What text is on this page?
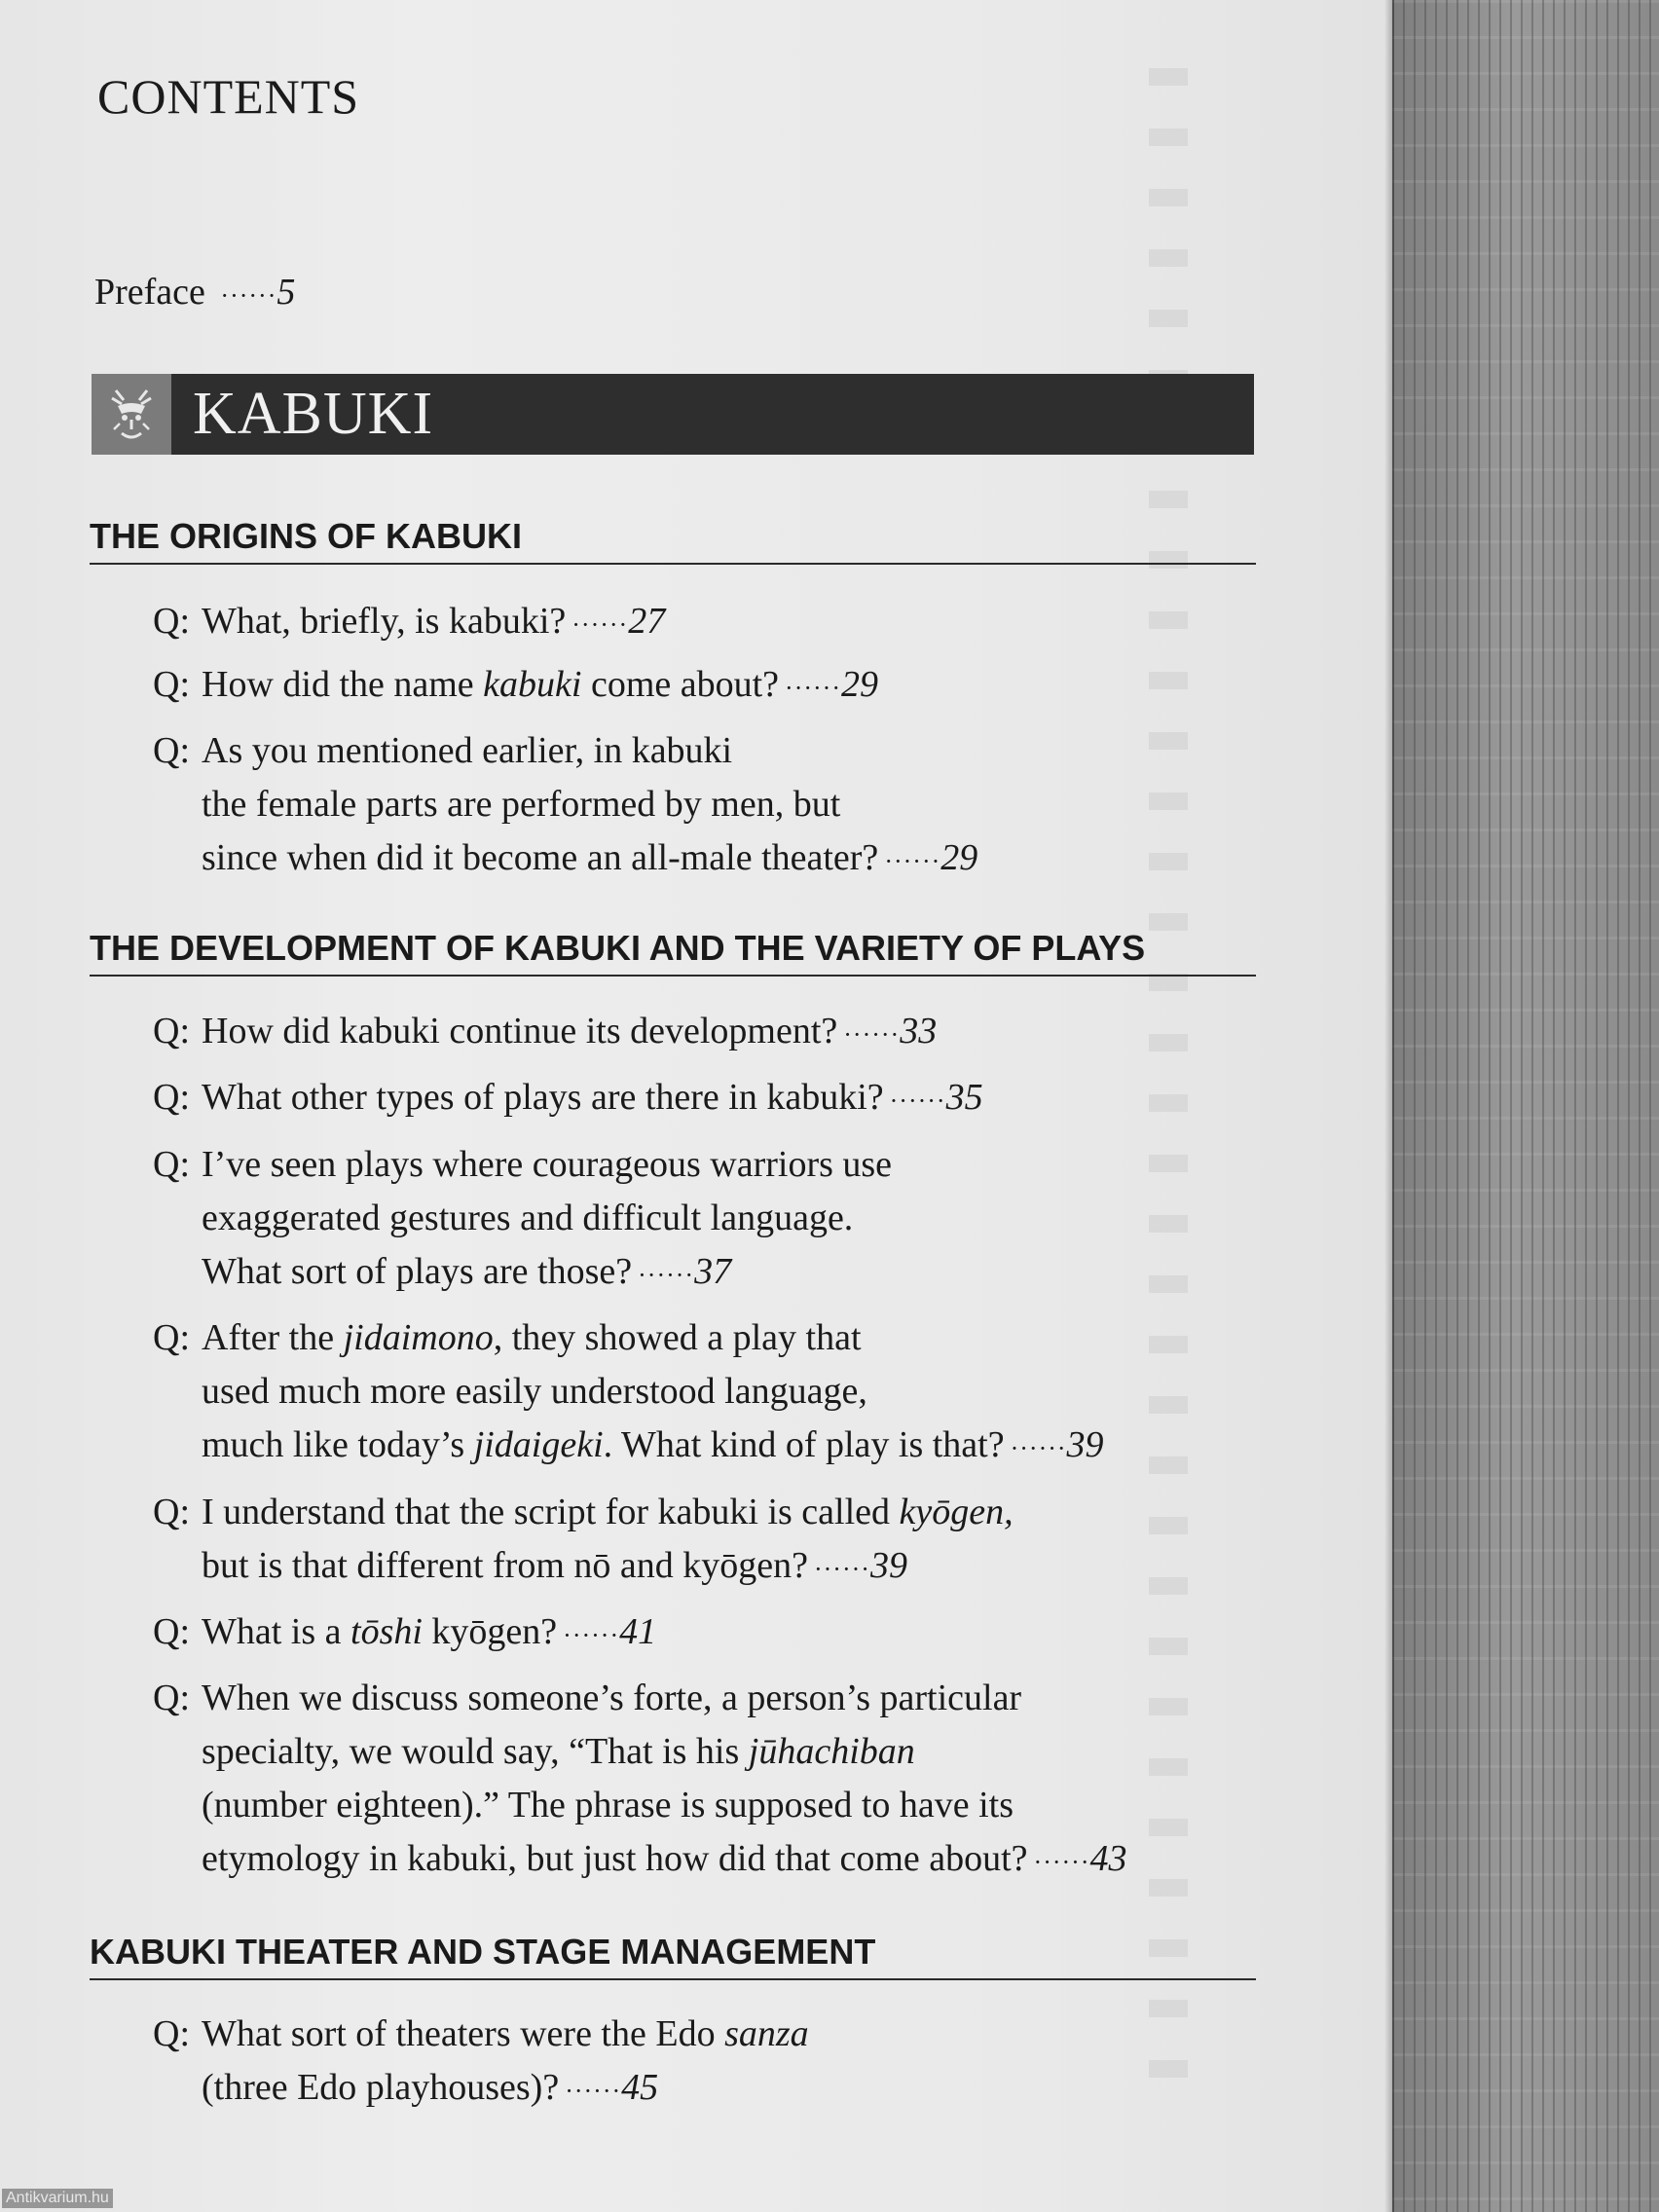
CONTENTS
Preface ······5
KABUKI
THE ORIGINS OF KABUKI
Q: What, briefly, is kabuki? ······27
Q: How did the name kabuki come about? ······29
Q: As you mentioned earlier, in kabuki
the female parts are performed by men, but
since when did it become an all-male theater? ······29
THE DEVELOPMENT OF KABUKI AND THE VARIETY OF PLAYS
Q: How did kabuki continue its development? ······33
Q: What other types of plays are there in kabuki? ······35
Q: I’ve seen plays where courageous warriors use
exaggerated gestures and difficult language.
What sort of plays are those? ······37
Q: After the jidaimono, they showed a play that
used much more easily understood language,
much like today’s jidaigeki. What kind of play is that? ······39
Q: I understand that the script for kabuki is called kyōgen,
but is that different from nō and kyōgen? ······39
Q: What is a tōshi kyōgen? ······41
Q: When we discuss someone’s forte, a person’s particular
specialty, we would say, “That is his jūhachiban
(number eighteen).” The phrase is supposed to have its
etymology in kabuki, but just how did that come about? ······43
KABUKI THEATER AND STAGE MANAGEMENT
Q: What sort of theaters were the Edo sanza
(three Edo playhouses)? ······45
Antikvarium.hu
